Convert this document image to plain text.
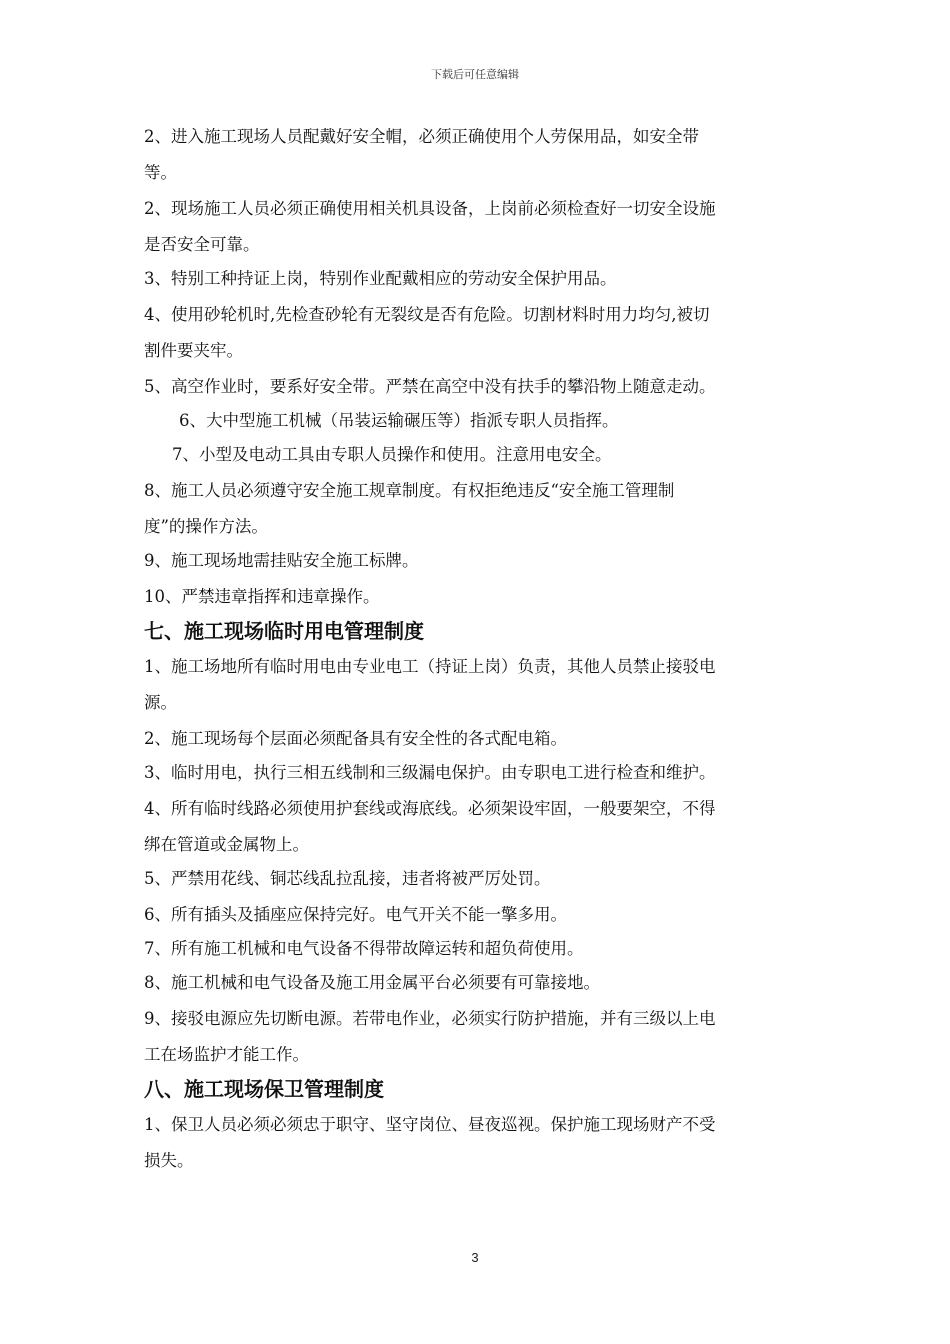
下载后可任意编辑
2、进入施工现场人员配戴好安全帽，必须正确使用个人劳保用品，如安全带
等。
2、现场施工人员必须正确使用相关机具设备，上岗前必须检查好一切安全设施
是否安全可靠。
3、特别工种持证上岗，特别作业配戴相应的劳动安全保护用品。
4、使用砂轮机时,先检查砂轮有无裂纹是否有危险。切割材料时用力均匀,被切
割件要夹牢。
5、高空作业时，要系好安全带。严禁在高空中没有扶手的攀沿物上随意走动。
6、大中型施工机械（吊装运输碾压等）指派专职人员指挥。
7、小型及电动工具由专职人员操作和使用。注意用电安全。
8、施工人员必须遵守安全施工规章制度。有权拒绝违反“安全施工管理制
度”的操作方法。
9、施工现场地需挂贴安全施工标牌。
10、严禁违章指挥和违章操作。
七、施工现场临时用电管理制度
1、施工场地所有临时用电由专业电工（持证上岗）负责，其他人员禁止接驳电
源。
2、施工现场每个层面必须配备具有安全性的各式配电箱。
3、临时用电，执行三相五线制和三级漏电保护。由专职电工进行检查和维护。
4、所有临时线路必须使用护套线或海底线。必须架设牢固，一般要架空，不得
绑在管道或金属物上。
5、严禁用花线、铜芯线乱拉乱接，违者将被严厉处罚。
6、所有插头及插座应保持完好。电气开关不能一擎多用。
7、所有施工机械和电气设备不得带故障运转和超负荷使用。
8、施工机械和电气设备及施工用金属平台必须要有可靠接地。
9、接驳电源应先切断电源。若带电作业，必须实行防护措施，并有三级以上电
工在场监护才能工作。
八、施工现场保卫管理制度
1、保卫人员必须必须忠于职守、坚守岗位、昼夜巡视。保护施工现场财产不受
损失。
3
